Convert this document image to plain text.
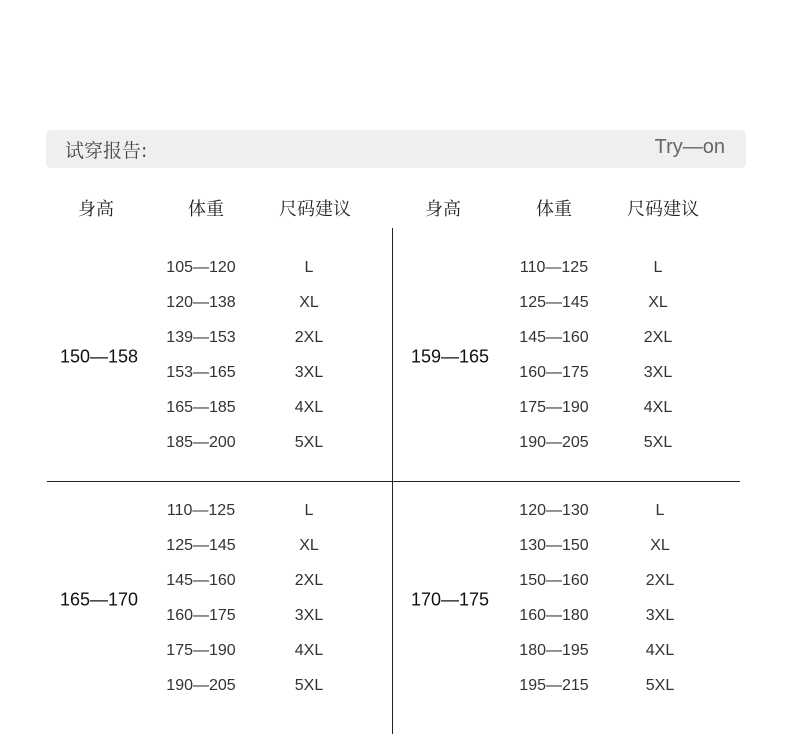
试穿报告:	Try—on
身高	体重	尺码建议	身高	体重	尺码建议
150—158
105—120	L
120—138	XL
139—153	2XL
153—165	3XL
165—185	4XL
185—200	5XL
159—165
110—125	L
125—145	XL
145—160	2XL
160—175	3XL
175—190	4XL
190—205	5XL
165—170
110—125	L
125—145	XL
145—160	2XL
160—175	3XL
175—190	4XL
190—205	5XL
170—175
120—130	L
130—150	XL
150—160	2XL
160—180	3XL
180—195	4XL
195—215	5XL
